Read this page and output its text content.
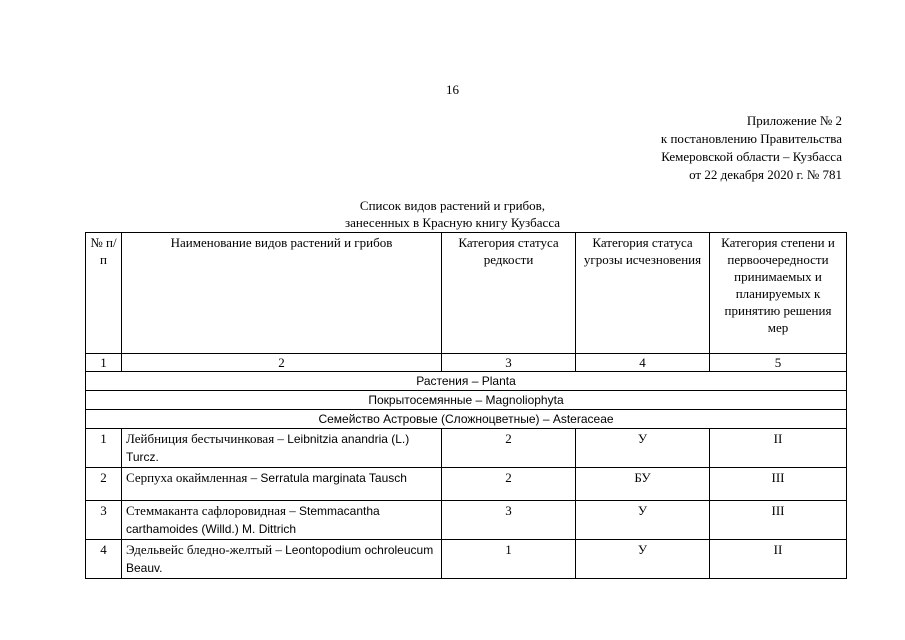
16
Приложение № 2
к постановлению Правительства
Кемеровской области – Кузбасса
от 22 декабря 2020 г. № 781
Список видов растений и грибов,
занесенных в Красную книгу Кузбасса
№ п/п	Наименование видов растений и грибов	Категория статуса редкости	Категория статуса угрозы исчезновения	Категория степени и первоочередности принимаемых и планируемых к принятию решения мер
1	2	3	4	5
Растения – Plantа				
Покрытосемянные – Magnoliophyta				
Семейство Астровые (Сложноцветные) – Asteraceae				
1	Лейбниция бестычинковая – Leibnitzia anandria (L.) Turcz.	2	У	II
2	Серпуха окаймленная – Serratula marginata Tausch	2	БУ	III
3	Стеммаканта сафлоровидная – Stemmacantha carthamoides (Willd.) M. Dittrich	3	У	III
4	Эдельвейс бледно-желтый – Leontopodium ochroleucum Beauv.	1	У	II
